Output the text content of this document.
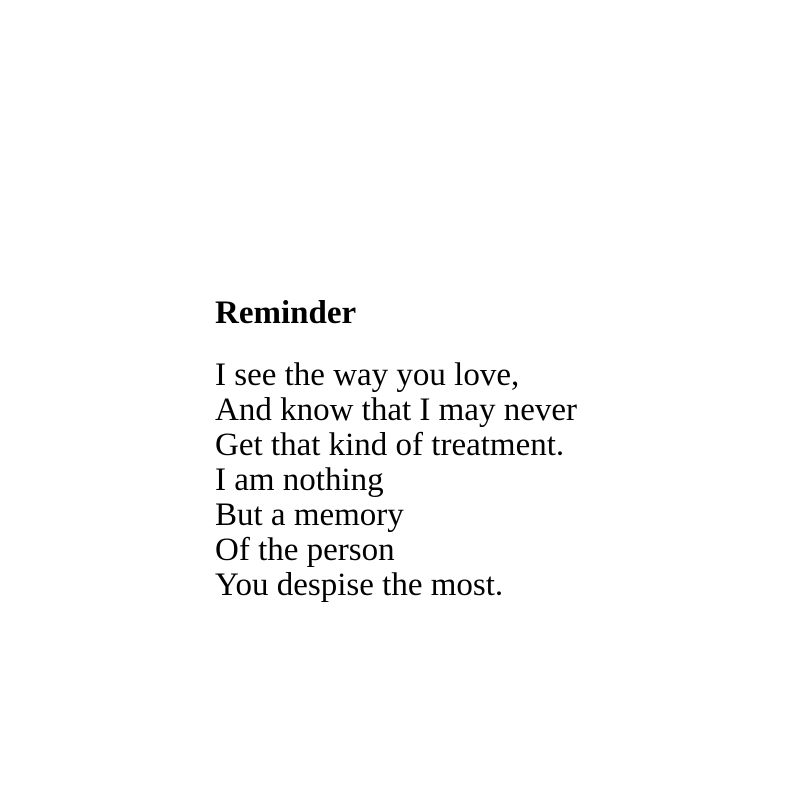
Reminder
I see the way you love,
And know that I may never
Get that kind of treatment.
I am nothing
But a memory
Of the person
You despise the most.
